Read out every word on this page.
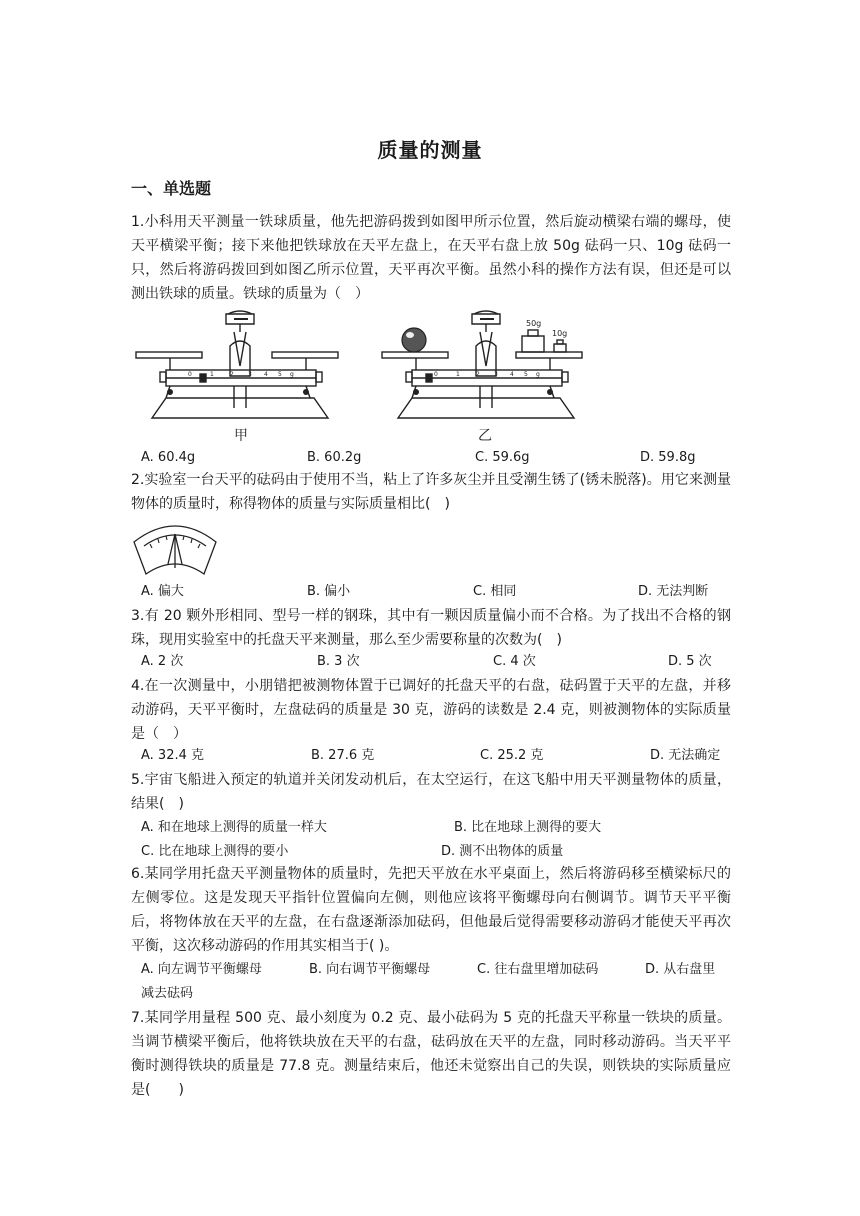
质量的测量
一、单选题
1.小科用天平测量一铁球质量，他先把游码拨到如图甲所示位置，然后旋动横梁右端的螺母，使天平横梁平衡；接下来他把铁球放在天平左盘上，在天平右盘上放 50g 砝码一只、10g 砝码一只，然后将游码拨回到如图乙所示位置，天平再次平衡。虽然小科的操作方法有误，但还是可以测出铁球的质量。铁球的质量为（　）
0	1	2 3 4 5 g
甲
50g
10g
0	1	2 3 4 5 g
乙
A. 60.4g	B. 60.2g	C. 59.6g	D. 59.8g
2.实验室一台天平的砝码由于使用不当，粘上了许多灰尘并且受潮生锈了(锈未脱落)。用它来测量物体的质量时，称得物体的质量与实际质量相比(　)
A. 偏大	B. 偏小	C. 相同	D. 无法判断
3.有 20 颗外形相同、型号一样的钢珠，其中有一颗因质量偏小而不合格。为了找出不合格的钢珠，现用实验室中的托盘天平来测量，那么至少需要称量的次数为(　)
A. 2 次	B. 3 次	C. 4 次	D. 5 次
4.在一次测量中，小朋错把被测物体置于已调好的托盘天平的右盘，砝码置于天平的左盘，并移动游码，天平平衡时，左盘砝码的质量是 30 克，游码的读数是 2.4 克，则被测物体的实际质量是（　）
A. 32.4 克	B. 27.6 克	C. 25.2 克	D. 无法确定
5.宇宙飞船进入预定的轨道并关闭发动机后，在太空运行，在这飞船中用天平测量物体的质量，结果(　)
A. 和在地球上测得的质量一样大	B. 比在地球上测得的要大
C. 比在地球上测得的要小	D. 测不出物体的质量
6.某同学用托盘天平测量物体的质量时，先把天平放在水平桌面上，然后将游码移至横梁标尺的左侧零位。这是发现天平指针位置偏向左侧，则他应该将平衡螺母向右侧调节。调节天平平衡后，将物体放在天平的左盘，在右盘逐渐添加砝码，但他最后觉得需要移动游码才能使天平再次平衡，这次移动游码的作用其实相当于( )。
A. 向左调节平衡螺母	B. 向右调节平衡螺母	C. 往右盘里增加砝码	D. 从右盘里
减去砝码
7.某同学用量程 500 克、最小刻度为 0.2 克、最小砝码为 5 克的托盘天平称量一铁块的质量。当调节横梁平衡后，他将铁块放在天平的右盘，砝码放在天平的左盘，同时移动游码。当天平平衡时测得铁块的质量是 77.8 克。测量结束后，他还未觉察出自己的失误，则铁块的实际质量应是(　　)
